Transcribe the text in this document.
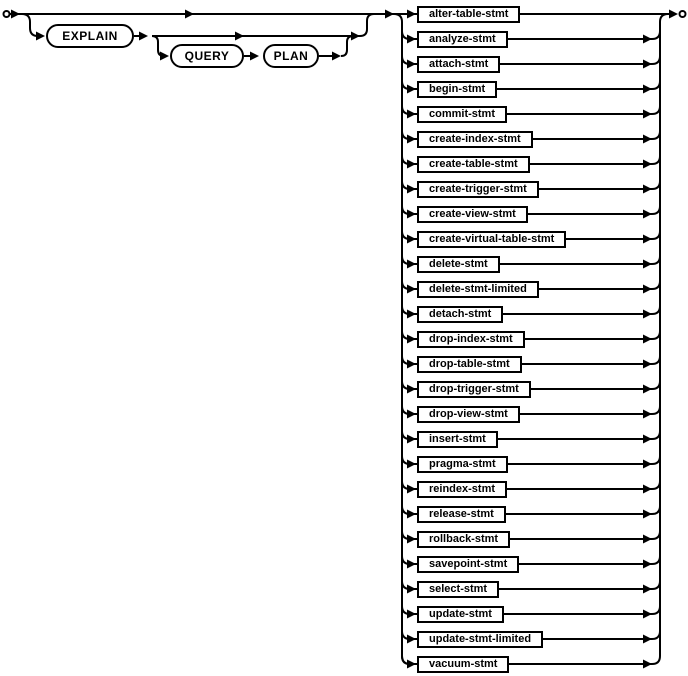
EXPLAIN
QUERY	PLAN
alter-table-stmt
analyze-stmt
attach-stmt
begin-stmt
commit-stmt
create-index-stmt
create-table-stmt
create-trigger-stmt
create-view-stmt
create-virtual-table-stmt
delete-stmt
delete-stmt-limited
detach-stmt
drop-index-stmt
drop-table-stmt
drop-trigger-stmt
drop-view-stmt
insert-stmt
pragma-stmt
reindex-stmt
release-stmt
rollback-stmt
savepoint-stmt
select-stmt
update-stmt
update-stmt-limited
vacuum-stmt
